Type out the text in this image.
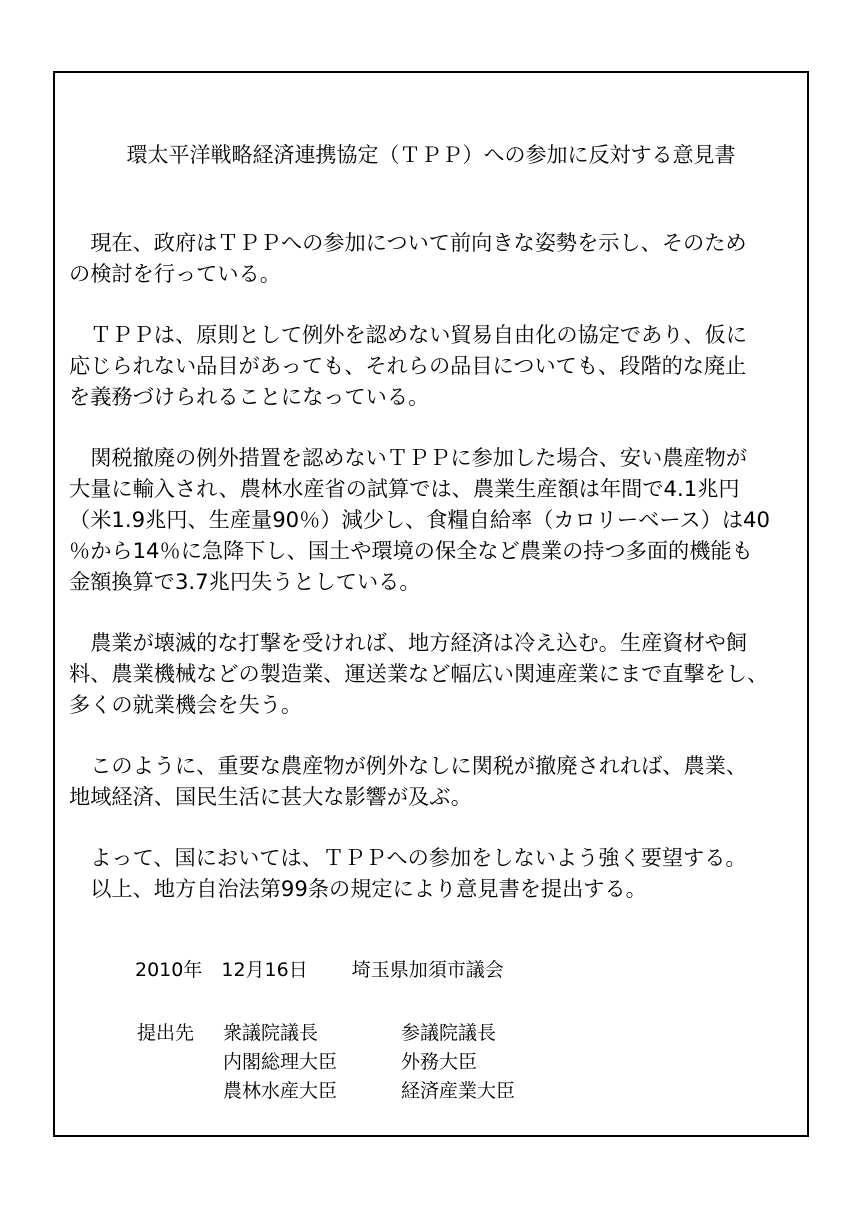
環太平洋戦略経済連携協定（ＴＰＰ）への参加に反対する意見書

　現在、政府はＴＰＰへの参加について前向きな姿勢を示し、そのため

の検討を行っている。

　ＴＰＰは、原則として例外を認めない貿易自由化の協定であり、仮に

応じられない品目があっても、それらの品目についても、段階的な廃止

を義務づけられることになっている。

　関税撤廃の例外措置を認めないＴＰＰに参加した場合、安い農産物が

大量に輸入され、農林水産省の試算では、農業生産額は年間で4.1兆円

（米1.9兆円、生産量90％）減少し、食糧自給率（カロリーベース）は40

％から14％に急降下し、国土や環境の保全など農業の持つ多面的機能も

金額換算で3.7兆円失うとしている。

　農業が壊滅的な打撃を受ければ、地方経済は冷え込む。生産資材や飼

料、農業機械などの製造業、運送業など幅広い関連産業にまで直撃をし、

多くの就業機会を失う。

　このように、重要な農産物が例外なしに関税が撤廃されれば、農業、

地域経済、国民生活に甚大な影響が及ぶ。

　よって、国においては、ＴＰＰへの参加をしないよう強く要望する。

　以上、地方自治法第99条の規定により意見書を提出する。

2010年　12月16日 埼玉県加須市議会
提出先 衆議院議長
内閣総理大臣
農林水産大臣
参議院議長
外務大臣
経済産業大臣
